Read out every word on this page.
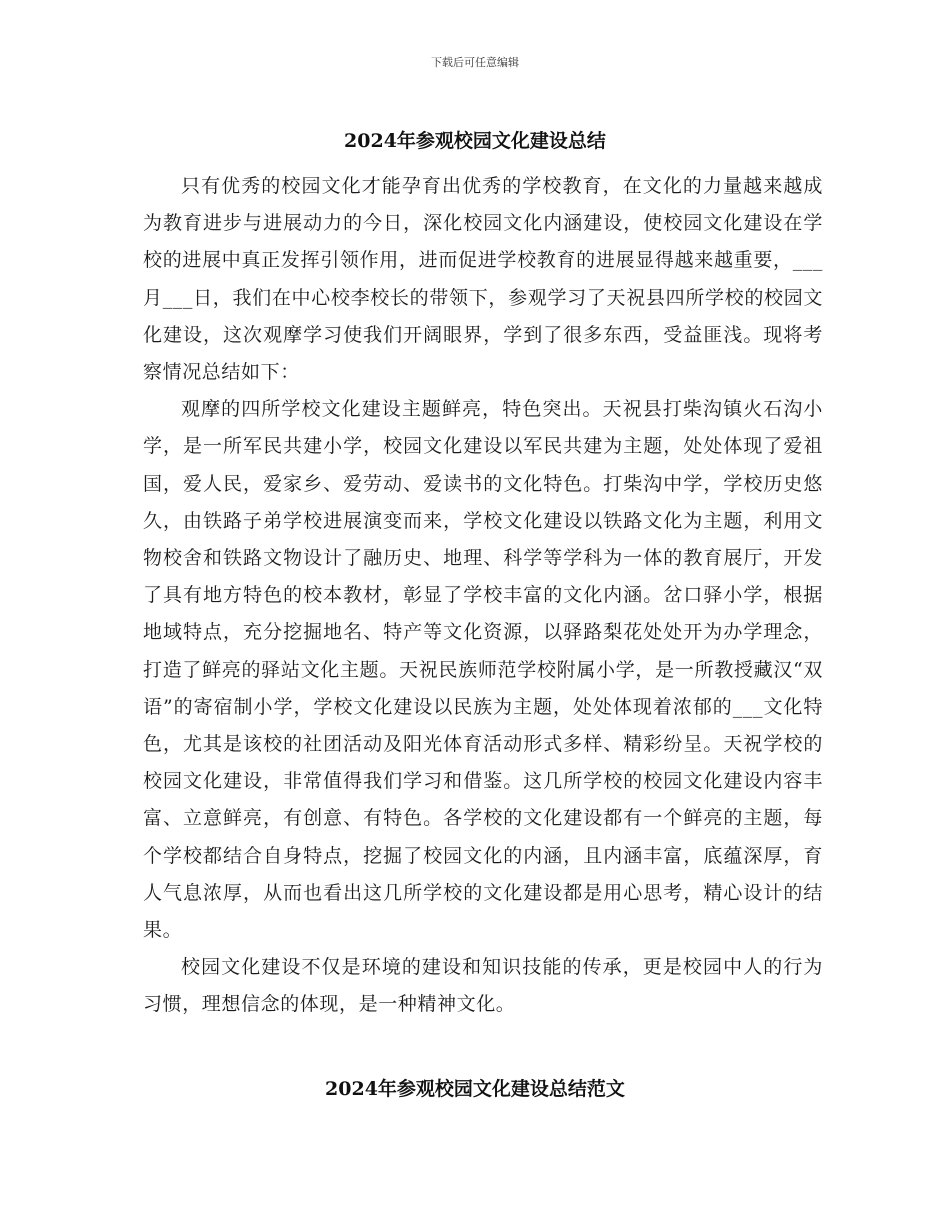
下载后可任意编辑
2024年参观校园文化建设总结

只有优秀的校园文化才能孕育出优秀的学校教育，在文化的力量越来越成为教育进步与进展动力的今日，深化校园文化内涵建设，使校园文化建设在学校的进展中真正发挥引领作用，进而促进学校教育的进展显得越来越重要，___月___日，我们在中心校李校长的带领下，参观学习了天祝县四所学校的校园文化建设，这次观摩学习使我们开阔眼界，学到了很多东西，受益匪浅。现将考察情况总结如下：

观摩的四所学校文化建设主题鲜亮，特色突出。天祝县打柴沟镇火石沟小学，是一所军民共建小学，校园文化建设以军民共建为主题，处处体现了爱祖国，爱人民，爱家乡、爱劳动、爱读书的文化特色。打柴沟中学，学校历史悠久，由铁路子弟学校进展演变而来，学校文化建设以铁路文化为主题，利用文物校舍和铁路文物设计了融历史、地理、科学等学科为一体的教育展厅，开发了具有地方特色的校本教材，彰显了学校丰富的文化内涵。岔口驿小学，根据地域特点，充分挖掘地名、特产等文化资源，以驿路梨花处处开为办学理念，打造了鲜亮的驿站文化主题。天祝民族师范学校附属小学，是一所教授藏汉“双语”的寄宿制小学，学校文化建设以民族为主题，处处体现着浓郁的___文化特色，尤其是该校的社团活动及阳光体育活动形式多样、精彩纷呈。天祝学校的校园文化建设，非常值得我们学习和借鉴。这几所学校的校园文化建设内容丰富、立意鲜亮，有创意、有特色。各学校的文化建设都有一个鲜亮的主题，每个学校都结合自身特点，挖掘了校园文化的内涵，且内涵丰富，底蕴深厚，育人气息浓厚，从而也看出这几所学校的文化建设都是用心思考，精心设计的结果。

校园文化建设不仅是环境的建设和知识技能的传承，更是校园中人的行为习惯，理想信念的体现，是一种精神文化。

2024年参观校园文化建设总结范文
